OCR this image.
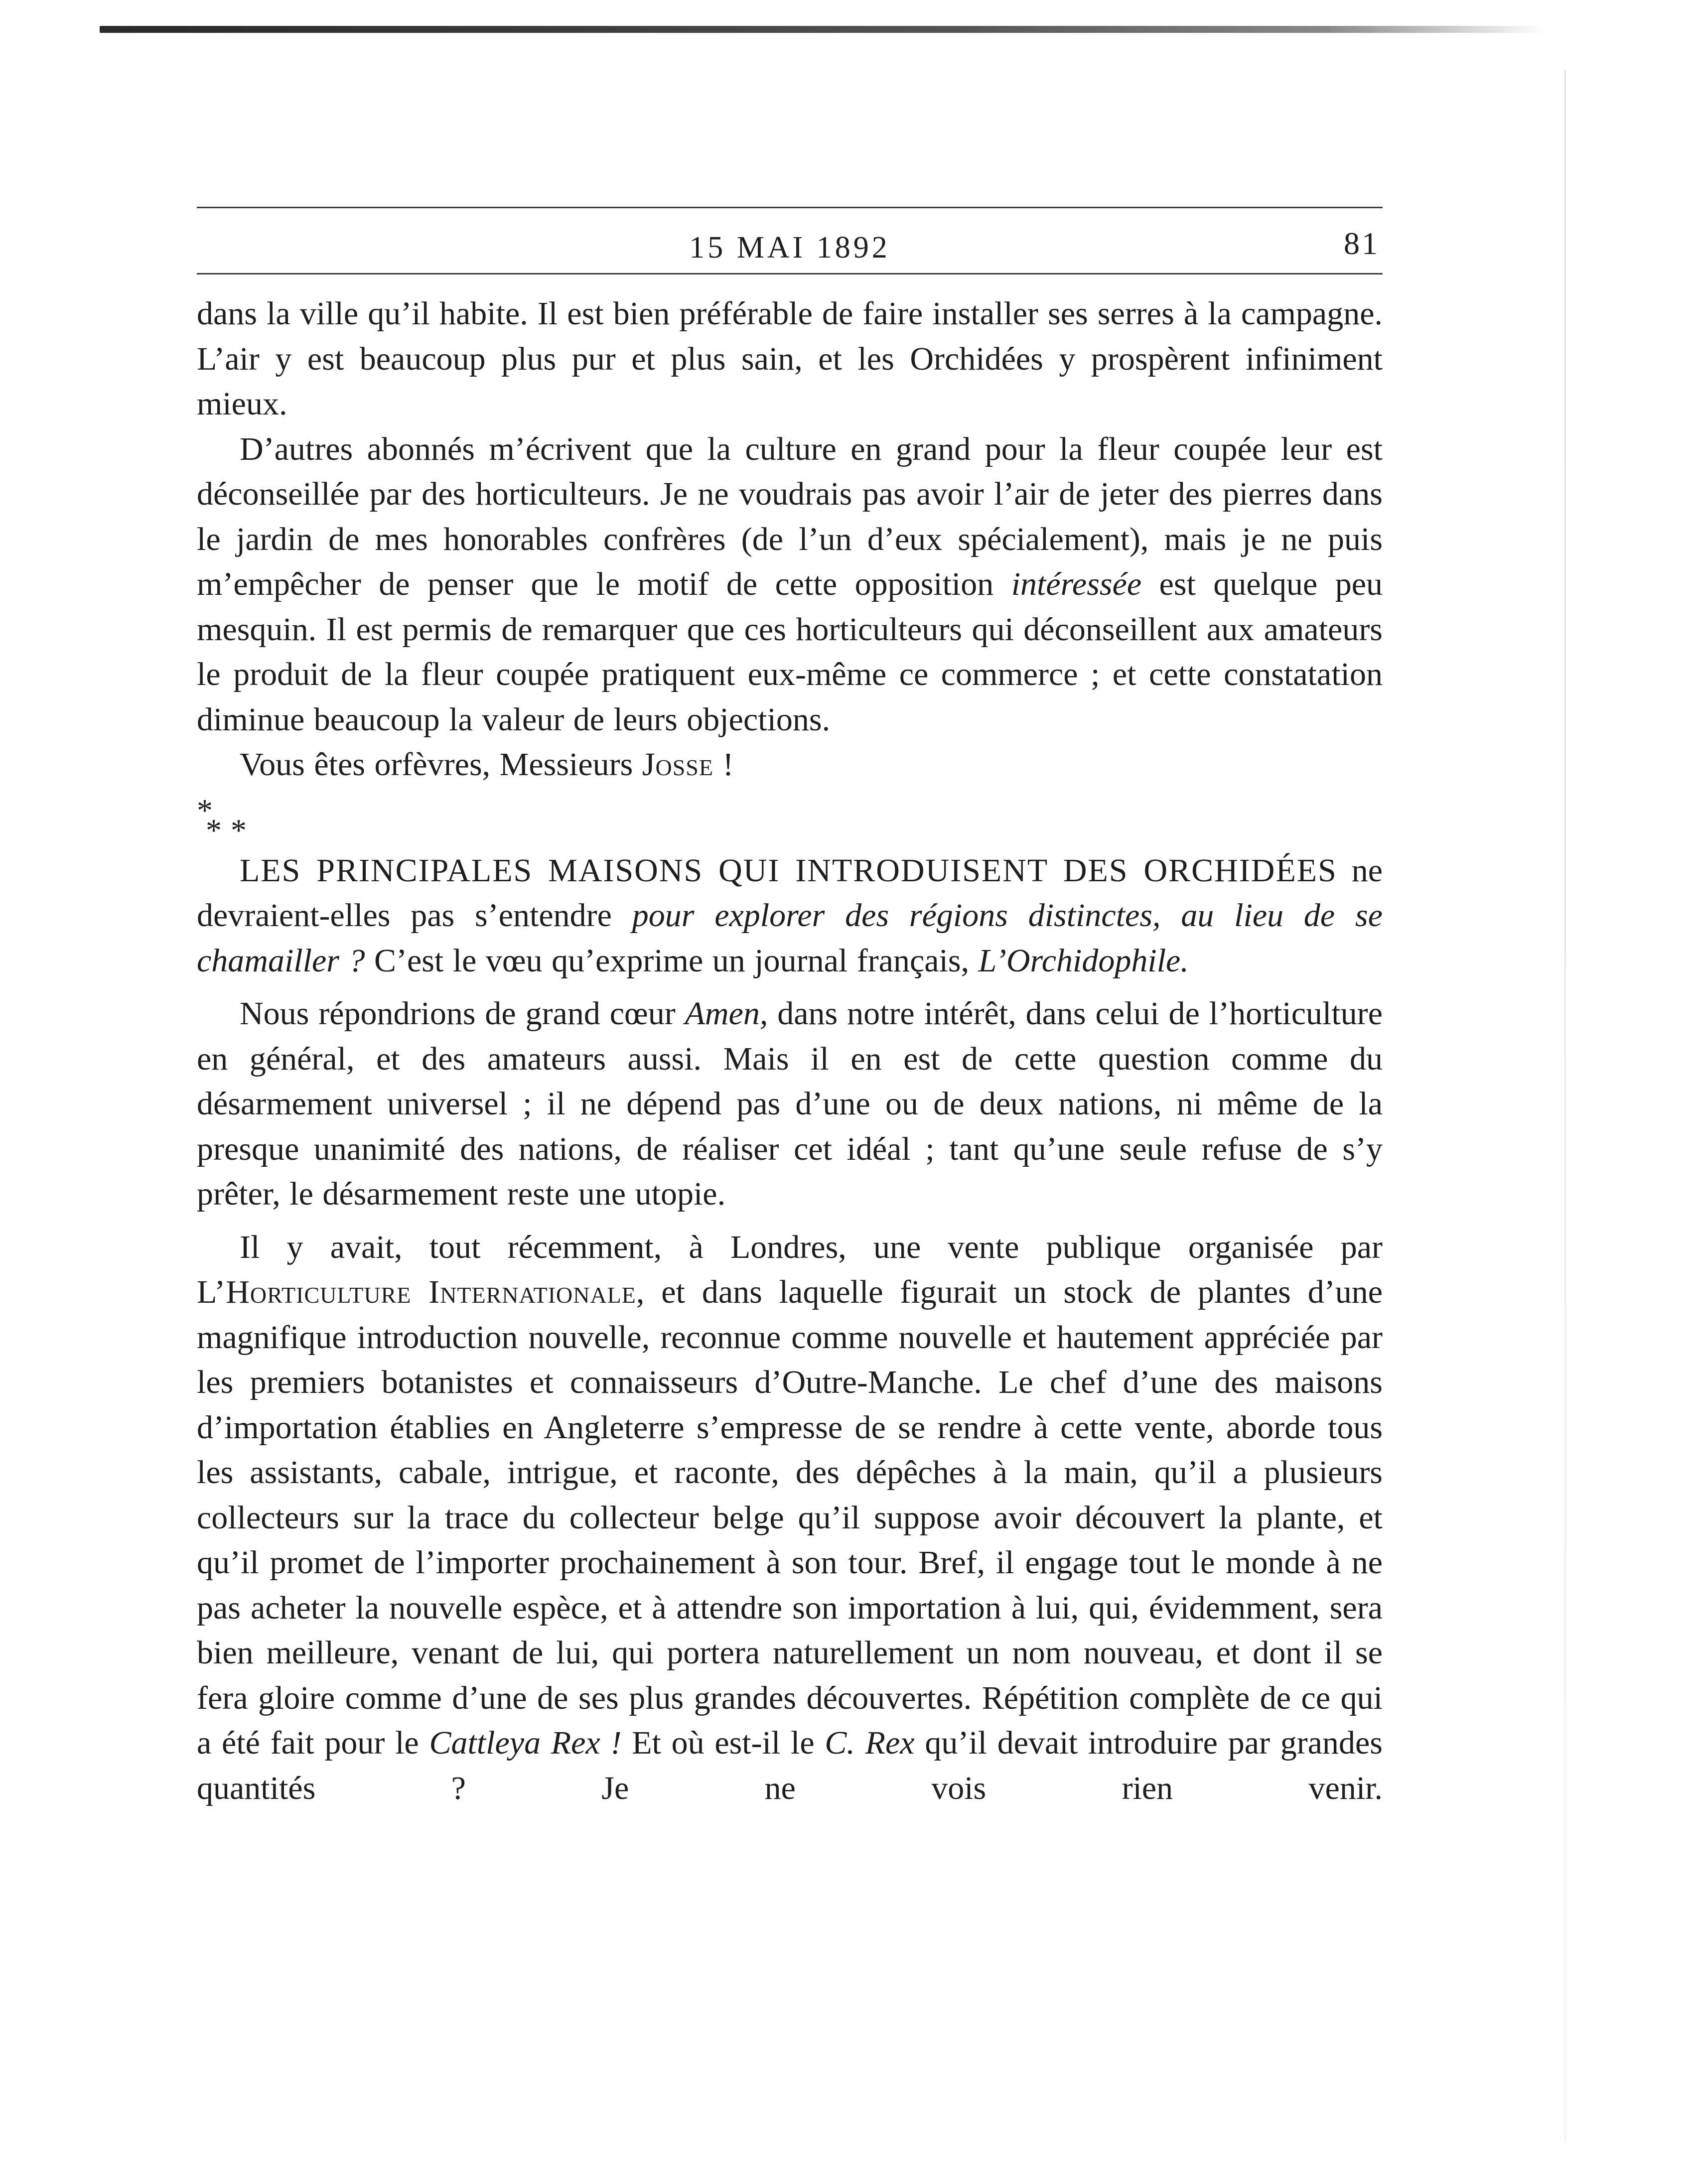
15 MAI 1892	81

dans la ville qu’il habite. Il est bien préférable de faire installer ses serres à la campagne. L’air y est beaucoup plus pur et plus sain, et les Orchidées y prospèrent infiniment mieux.

D’autres abonnés m’écrivent que la culture en grand pour la fleur coupée leur est déconseillée par des horticulteurs. Je ne voudrais pas avoir l’air de jeter des pierres dans le jardin de mes honorables confrères (de l’un d’eux spécialement), mais je ne puis m’empêcher de penser que le motif de cette opposition intéressée est quelque peu mesquin. Il est permis de remarquer que ces horticulteurs qui déconseillent aux amateurs le produit de la fleur coupée pratiquent eux-même ce commerce ; et cette constatation diminue beaucoup la valeur de leurs objections.

Vous êtes orfèvres, Messieurs Josse !

*
**

LES PRINCIPALES MAISONS QUI INTRODUISENT DES ORCHIDÉES ne devraient-elles pas s’entendre pour explorer des régions distinctes, au lieu de se chamailler ? C’est le vœu qu’exprime un journal français, L’Orchidophile.

Nous répondrions de grand cœur Amen, dans notre intérêt, dans celui de l’horticulture en général, et des amateurs aussi. Mais il en est de cette question comme du désarmement universel ; il ne dépend pas d’une ou de deux nations, ni même de la presque unanimité des nations, de réaliser cet idéal ; tant qu’une seule refuse de s’y prêter, le désarmement reste une utopie.

Il y avait, tout récemment, à Londres, une vente publique organisée par L’Horticulture Internationale, et dans laquelle figurait un stock de plantes d’une magnifique introduction nouvelle, reconnue comme nouvelle et hautement appréciée par les premiers botanistes et connaisseurs d’Outre-Manche. Le chef d’une des maisons d’importation établies en Angleterre s’empresse de se rendre à cette vente, aborde tous les assistants, cabale, intrigue, et raconte, des dépêches à la main, qu’il a plusieurs collecteurs sur la trace du collecteur belge qu’il suppose avoir découvert la plante, et qu’il promet de l’importer prochainement à son tour. Bref, il engage tout le monde à ne pas acheter la nouvelle espèce, et à attendre son importation à lui, qui, évidemment, sera bien meilleure, venant de lui, qui portera naturellement un nom nouveau, et dont il se fera gloire comme d’une de ses plus grandes découvertes. Répétition complète de ce qui a été fait pour le Cattleya Rex ! Et où est-il le C. Rex qu’il devait introduire par grandes quantités ? Je ne vois rien venir.
